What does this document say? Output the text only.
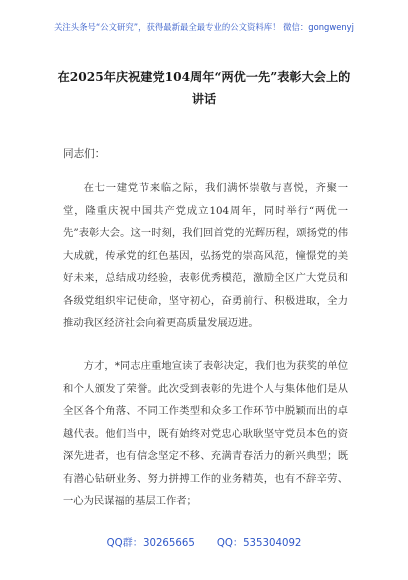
关注头条号“公文研究”，获得最新最全最专业的公文资料库！ 微信：gongwenyj
在2025年庆祝建党104周年“两优一先”表彰大会上的讲话
同志们：

在七一建党节来临之际，我们满怀崇敬与喜悦，齐聚一堂，隆重庆祝中国共产党成立104周年，同时举行“两优一先”表彰大会。这一时刻，我们回首党的光辉历程，颂扬党的伟大成就，传承党的红色基因，弘扬党的崇高风范，憧憬党的美好未来，总结成功经验，表彰优秀模范，激励全区广大党员和各级党组织牢记使命，坚守初心，奋勇前行、积极进取，全力推动我区经济社会向着更高质量发展迈进。

方才，*同志庄重地宣读了表彰决定，我们也为获奖的单位和个人颁发了荣誉。此次受到表彰的先进个人与集体他们是从全区各个角落、不同工作类型和众多工作环节中脱颖而出的卓越代表。他们当中，既有始终对党忠心耿耿坚守党员本色的资深先进者，也有信念坚定不移、充满青春活力的新兴典型；既有潜心钻研业务、努力拼搏工作的业务精英，也有不辞辛劳、一心为民谋福的基层工作者；

QQ群：30265665 QQ：535304092
